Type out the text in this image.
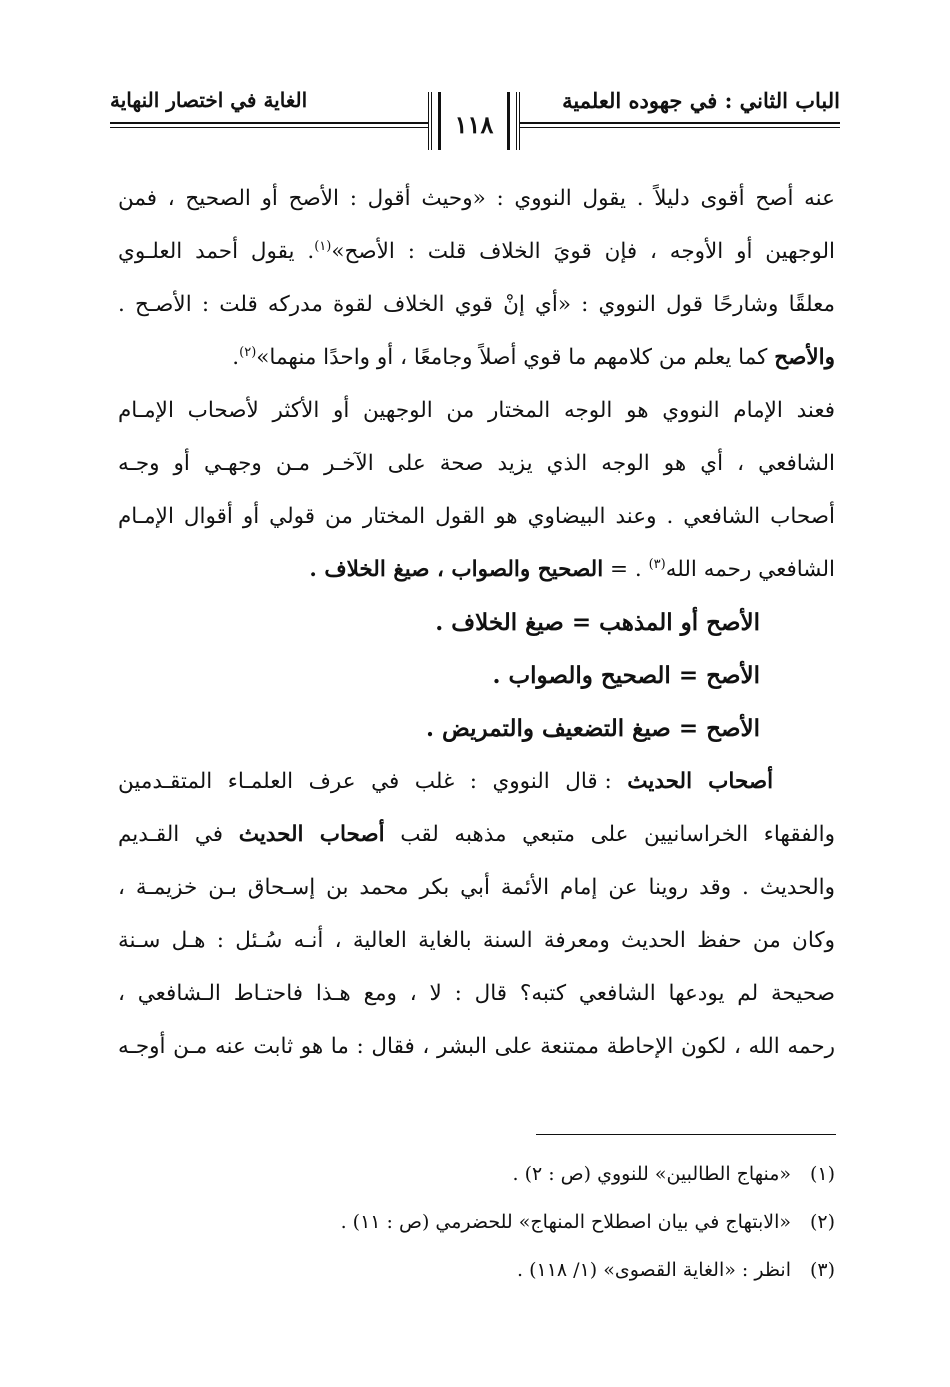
الباب الثاني : في جهوده العلمية
الغاية في اختصار النهاية
١١٨

عنه أصح أقوى دليلاً . يقول النووي : «وحيث أقول : الأصح أو الصحيح ، فمن

الوجهين أو الأوجه ، فإن قويَ الخلاف قلت : الأصح»$^{(١)}$. يقول أحمد العلـوي

معلقًا وشارحًا قول النووي : «أي إنْ قوي الخلاف لقوة مدركه قلت : الأصـح .

والأصح كما يعلم من كلامهم ما قوي أصلاً وجامعًا ، أو واحدًا منهما»$^{(٢)}$.

فعند الإمام النووي هو الوجه المختار من الوجهين أو الأكثر لأصحاب الإمـام

الشافعي ، أي هو الوجه الذي يزيد صحة على الآخـر مـن وجهـي أو وجـه

أصحاب الشافعي . وعند البيضاوي هو القول المختار من قولي أو أقوال الإمـام

الشافعي رحمه الله$^{(٣)}$ . = الصحيح والصواب ، صيغ الخلاف .

الأصح أو المذهب = صيغ الخلاف .

الأصح = الصحيح والصواب .

الأصح = صيغ التضعيف والتمريض .

أصحاب الحديث : قال النووي : غلب في عرف العلمـاء المتقـدمين

والفقهاء الخراسانيين على متبعي مذهبه لقب أصحاب الحديث في القـديم

والحديث . وقد روينا عن إمام الأئمة أبي بكر محمد بن إسـحاق بـن خزيمـة ،

وكان من حفظ الحديث ومعرفة السنة بالغاية العالية ، أنـه سُـئل : هـل سـنة

صحيحة لم يودعها الشافعي كتبه؟ قال : لا ، ومع هـذا فاحتـاط الـشافعي ،

رحمه الله ، لكون الإحاطة ممتنعة على البشر ، فقال : ما هو ثابت عنه مـن أوجـه

(١)«منهاج الطالبين» للنووي (ص : ٢) .
(٢)«الابتهاج في بيان اصطلاح المنهاج» للحضرمي (ص : ١١) .
(٣)انظر : «الغاية القصوى» (١/ ١١٨) .
